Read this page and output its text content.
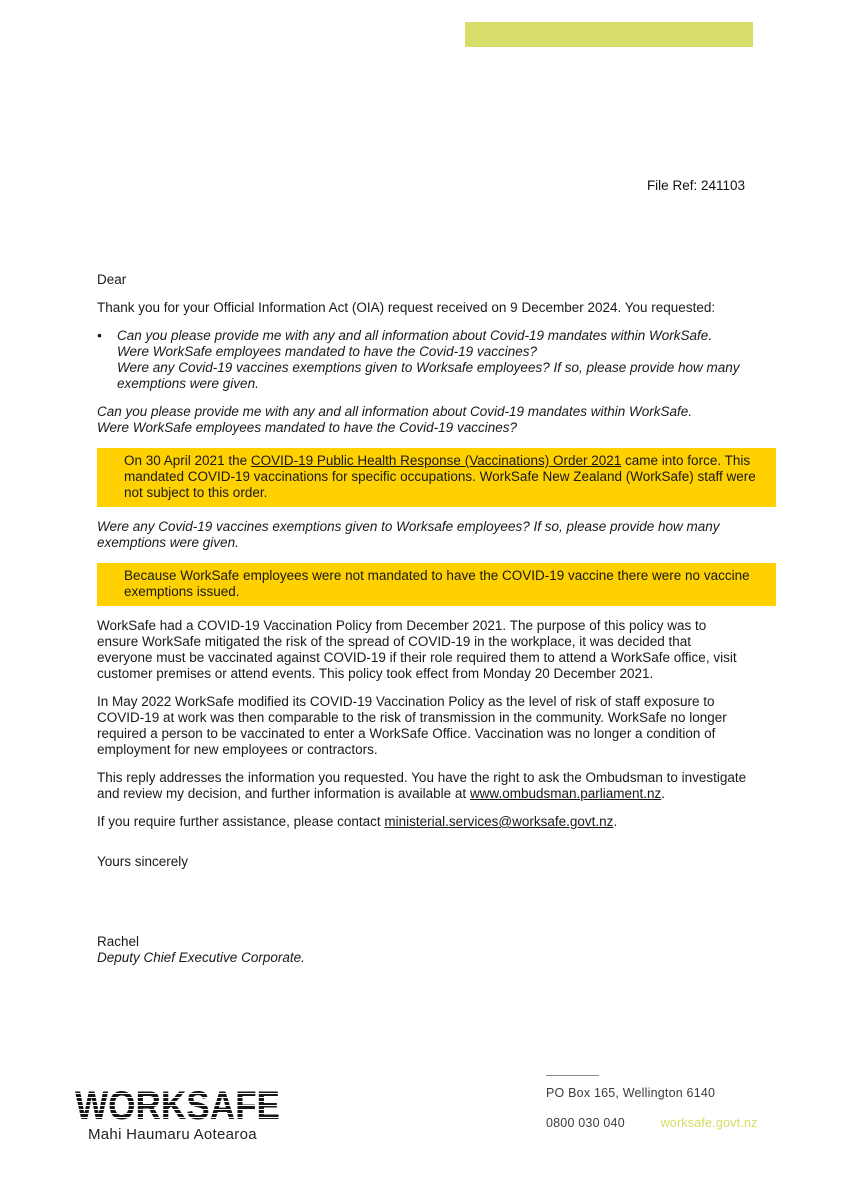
File Ref: 241103

Dear

Thank you for your Official Information Act (OIA) request received on 9 December 2024. You requested:

•	Can you please provide me with any and all information about Covid-19 mandates within WorkSafe.
Were WorkSafe employees mandated to have the Covid-19 vaccines?
Were any Covid-19 vaccines exemptions given to Worksafe employees? If so, please provide how many exemptions were given.
Can you please provide me with any and all information about Covid-19 mandates within WorkSafe.
Were WorkSafe employees mandated to have the Covid-19 vaccines?
On 30 April 2021 the COVID-19 Public Health Response (Vaccinations) Order 2021 came into force. This mandated COVID-19 vaccinations for specific occupations. WorkSafe New Zealand (WorkSafe) staff were not subject to this order.

Were any Covid-19 vaccines exemptions given to Worksafe employees? If so, please provide how many exemptions were given.

Because WorkSafe employees were not mandated to have the COVID-19 vaccine there were no vaccine exemptions issued.

WorkSafe had a COVID-19 Vaccination Policy from December 2021. The purpose of this policy was to ensure WorkSafe mitigated the risk of the spread of COVID-19 in the workplace, it was decided that everyone must be vaccinated against COVID-19 if their role required them to attend a WorkSafe office, visit customer premises or attend events. This policy took effect from Monday 20 December 2021.

In May 2022 WorkSafe modified its COVID-19 Vaccination Policy as the level of risk of staff exposure to COVID-19 at work was then comparable to the risk of transmission in the community. WorkSafe no longer required a person to be vaccinated to enter a WorkSafe Office. Vaccination was no longer a condition of employment for new employees or contractors.

This reply addresses the information you requested. You have the right to ask the Ombudsman to investigate and review my decision, and further information is available at www.ombudsman.parliament.nz.

If you require further assistance, please contact ministerial.services@worksafe.govt.nz.

Yours sincerely

Rachel

Deputy Chief Executive Corporate.

WORKSAFE
Mahi Haumaru Aotearoa
PO Box 165, Wellington 6140
0800 030 040	worksafe.govt.nz
